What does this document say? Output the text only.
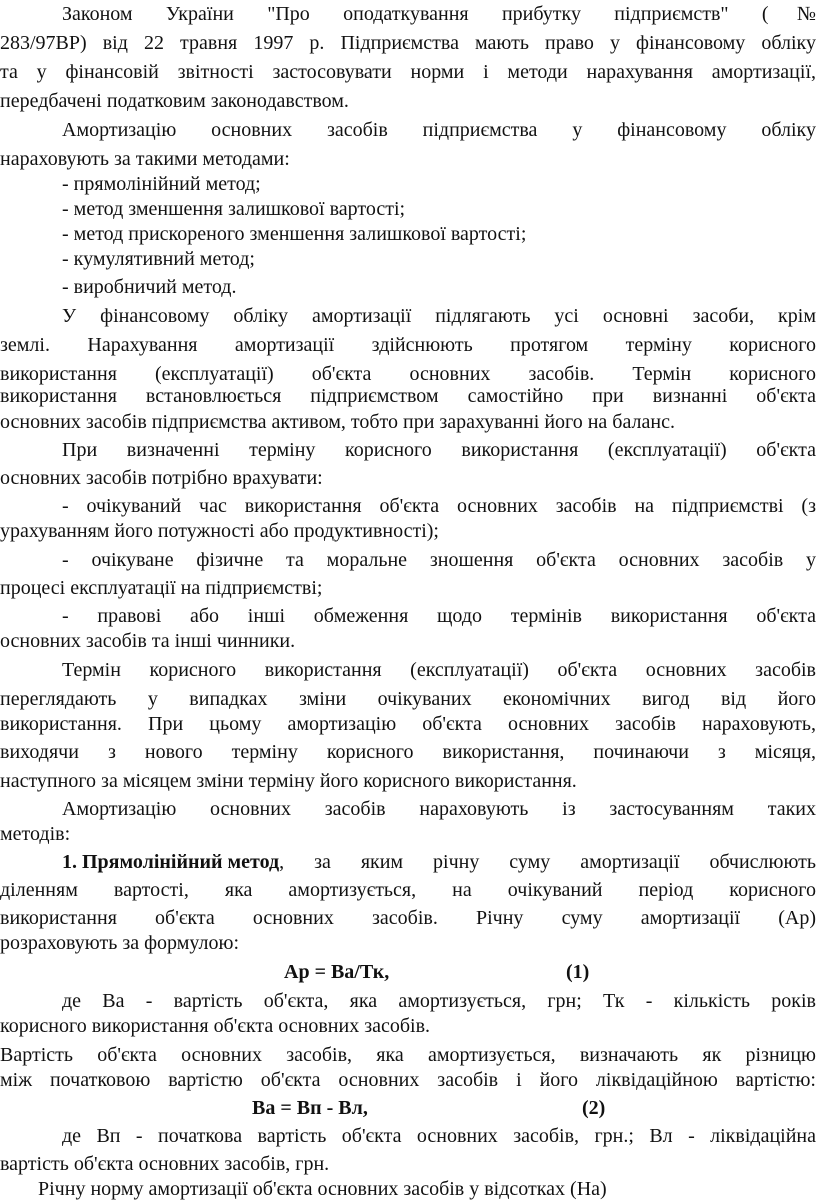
Законом України "Про оподаткування прибутку підприємств" (№
283/97ВР) від 22 травня 1997 р. Підприємства мають право у фінансовому обліку
та у фінансовій звітності застосовувати норми і методи нарахування амортизації,
передбачені податковим законодавством.
Амортизацію основних засобів підприємства у фінансовому обліку
нараховують за такими методами:
- прямолінійний метод;
- метод зменшення залишкової вартості;
- метод прискореного зменшення залишкової вартості;
- кумулятивний метод;
- виробничий метод.
У фінансовому обліку амортизації підлягають усі основні засоби, крім
землі. Нарахування амортизації здійснюють протягом терміну корисного
використання (експлуатації) об'єкта основних засобів. Термін корисного
використання встановлюється підприємством самостійно при визнанні об'єкта
основних засобів підприємства активом, тобто при зарахуванні його на баланс.
При визначенні терміну корисного використання (експлуатації) об'єкта
основних засобів потрібно врахувати:
- очікуваний час використання об'єкта основних засобів на підприємстві (з
урахуванням його потужності або продуктивності);
- очікуване фізичне та моральне зношення об'єкта основних засобів у
процесі експлуатації на підприємстві;
- правові або інші обмеження щодо термінів використання об'єкта
основних засобів та інші чинники.
Термін корисного використання (експлуатації) об'єкта основних засобів
переглядають у випадках зміни очікуваних економічних вигод від його
використання. При цьому амортизацію об'єкта основних засобів нараховують,
виходячи з нового терміну корисного використання, починаючи з місяця,
наступного за місяцем зміни терміну його корисного використання.
Амортизацію основних засобів нараховують із застосуванням таких
методів:
1. Прямолінійний метод , за яким річну суму амортизації обчислюють
діленням вартості, яка амортизується, на очікуваний період корисного
використання об'єкта основних засобів. Річну суму амортизації (Ар)
розраховують за формулою:
Ар = Ва/Тк,	(1)
де Ва - вартість об'єкта, яка амортизується, грн; Тк - кількість років
корисного використання об'єкта основних засобів.
Вартість об'єкта основних засобів, яка амортизується, визначають як різницю
між початковою вартістю об'єкта основних засобів і його ліквідаційною вартістю:
Ва = Вп - Вл,	(2)
де Вп - початкова вартість об'єкта основних засобів, грн.; Вл - ліквідаційна
вартість об'єкта основних засобів, грн.
Річну норму амортизації об'єкта основних засобів у відсотках (На)
